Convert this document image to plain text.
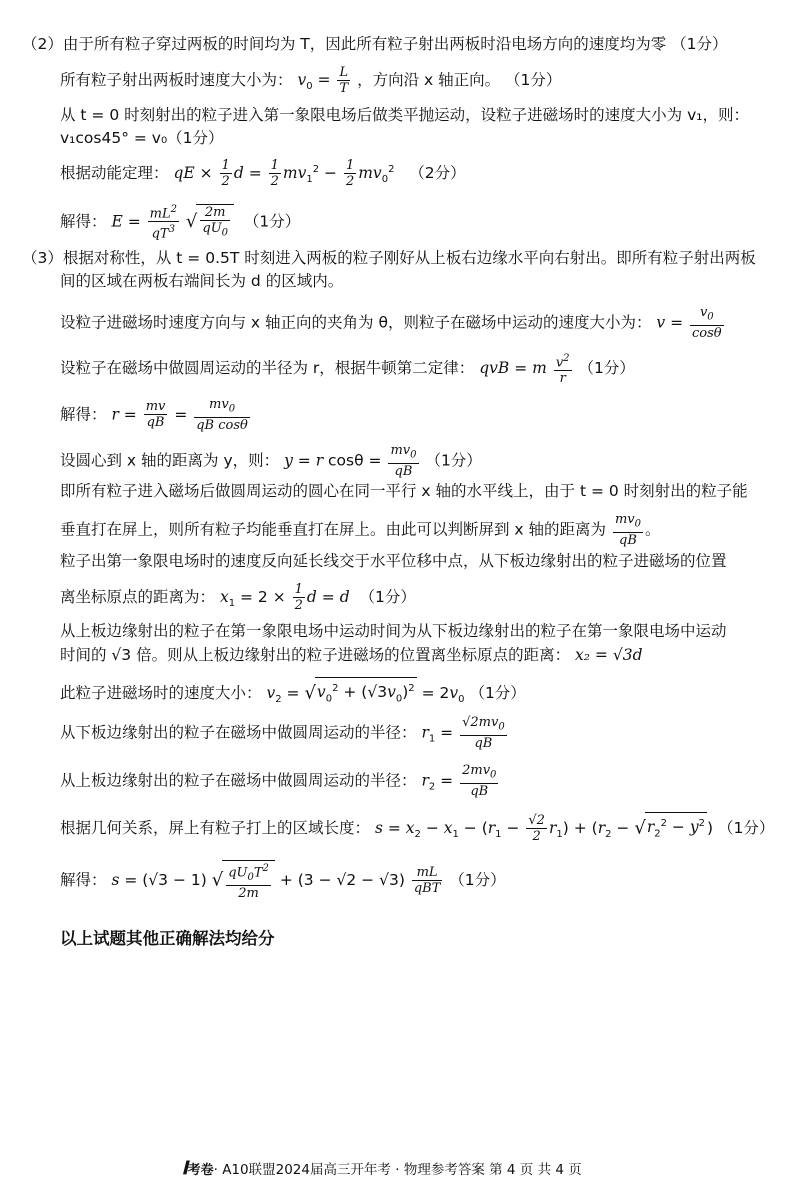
（2）由于所有粒子穿过两板的时间均为 T，因此所有粒子射出两板时沿电场方向的速度均为零 （1分）
所有粒子射出两板时速度大小为： $v_0 = \frac{L}{T}$ ，方向沿 x 轴正向。 （1分）
从 t = 0 时刻射出的粒子进入第一象限电场后做类平抛运动，设粒子进磁场时的速度大小为 v₁，则：
v₁cos45° = v₀（1分）
根据动能定理： qE × $\frac{1}{2}$ $d = \frac{1}{2} mv_1^2 - \frac{1}{2} mv_0^2$ （2分）
解得： $E = \frac{mL^2}{qT^3}$ √ $\frac{2m}{qU_0} (1$分）
（3）根据对称性，从 t = 0.5T 时刻进入两板的粒子刚好从上板右边缘水平向右射出。即所有粒子射出两板
间的区域在两板右端间长为 d 的区域内。
设粒子进磁场时速度方向与 x 轴正向的夹角为 θ，则粒子在磁场中运动的速度大小为： $v = \frac{v_0}{\cos\theta}$
设粒子在磁场中做圆周运动的半径为 r，根据牛顿第二定律： qvB = m $\frac{v^2}{r} (1$分）
解得： $r = \frac{mv}{qB} = \frac{mv_0}{\text{qB cosθ}}$
设圆心到 x 轴的距离为 y，则： y = r $\cos\theta = \frac{mv_0}{qB} (1$分）
即所有粒子进入磁场后做圆周运动的圆心在同一平行 x 轴的水平线上，由于 t = 0 时刻射出的粒子能
垂直打在屏上，则所有粒子均能垂直打在屏上。由此可以判断屏到 x 轴的距离为 $\frac{mv_0}{qB}$ 。
粒子出第一象限电场时的速度反向延长线交于水平位移中点，从下板边缘射出的粒子进磁场的位置
离坐标原点的距离为： $x_1 = 2 \times \frac{1}{2}$ d = d （1分）
从上板边缘射出的粒子在第一象限电场中运动时间为从下板边缘射出的粒子在第一象限电场中运动
时间的 √3 倍。则从上板边缘射出的粒子进磁场的位置离坐标原点的距离： x₂ = √3d
此粒子进磁场时的速度大小： $v_2 = √v_0^2 + (√3v_0)^2 = 2v_0$ （1分）
从下板边缘射出的粒子在磁场中做圆周运动的半径： $r_1 = \frac{√2mv_0}{qB}$
从上板边缘射出的粒子在磁场中做圆周运动的半径： $r_2 = \frac{2mv_0}{qB}$
根据几何关系，屏上有粒子打上的区域长度： $s = x_2 - x_1 - (r_1 - \frac{√2}{2} r_1) + (r_2 - √r_2^2 - y^2$ ) （1分）
解得： s = (√3 − 1) √ $\frac{qU_0T^2}{2m} + (3 - √2 - √3)$ mL
qBT （1分）
以上试题其他正确解法均给分
𝐈考卷· A10联盟2024届高三开年考 · 物理参考答案 第 4 页 共 4 页
